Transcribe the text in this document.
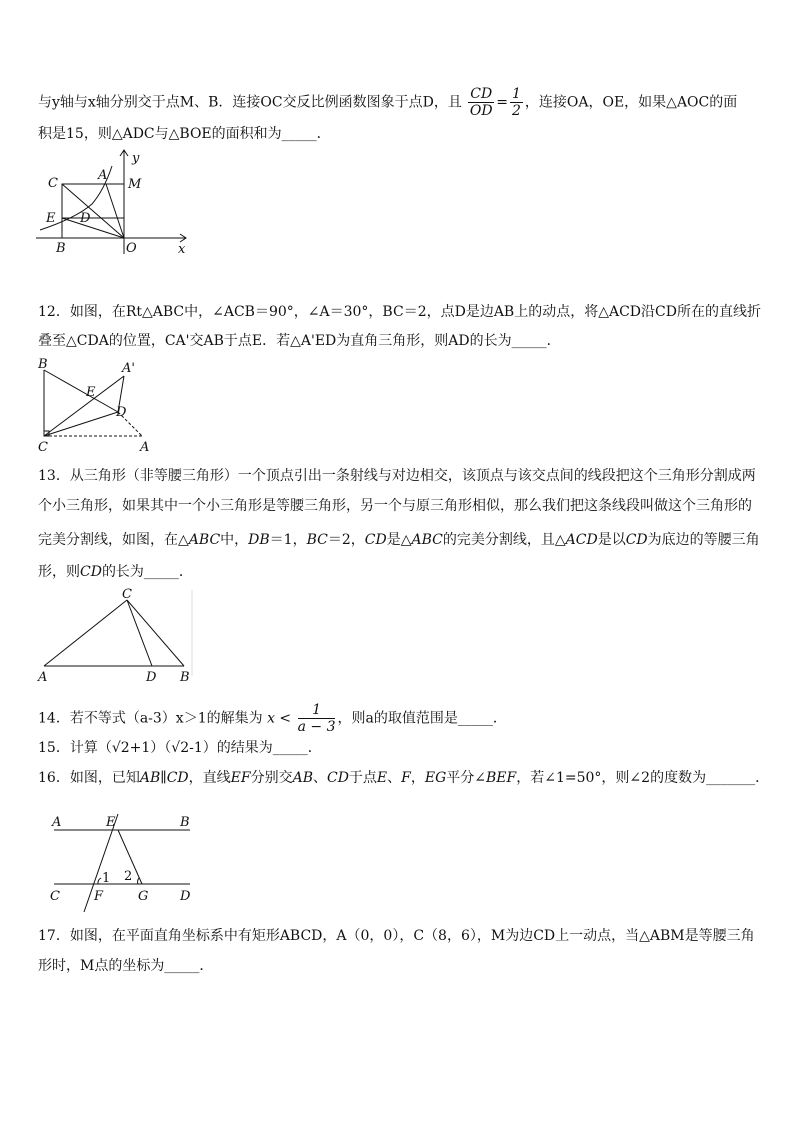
与y轴与x轴分别交于点M、B．连接OC交反比例函数图象于点D，且 $\frac{CD}{OD} = \frac{1}{2}$ ，连接OA，OE，如果△AOC的面
积是15，则△ADC与△BOE的面积和为_____．
y
x
C
A
M
E D
B	O
12．如图，在Rt△ABC中，∠ACB＝90°，∠A＝30°，BC＝2，点D是边AB上的动点，将△ACD沿CD所在的直线折
叠至△CDA的位置，CA'交AB于点E．若△A'ED为直角三角形，则AD的长为_____．
B	A'
E
D
C	A
13．从三角形（非等腰三角形）一个顶点引出一条射线与对边相交，该顶点与该交点间的线段把这个三角形分割成两
个小三角形，如果其中一个小三角形是等腰三角形，另一个与原三角形相似，那么我们把这条线段叫做这个三角形的
完美分割线，如图，在△ABC中，DB＝1，BC＝2，CD是△ABC的完美分割线，且△ACD是以CD为底边的等腰三角
形，则CD的长为_____．
C
A	D B
14．若不等式（a-3）x＞1的解集为 $x < \frac{1}{a - 3}$ ，则a的取值范围是_____．
15．计算（√2+1）（√2-1）的结果为_____．
16．如图，已知AB∥CD，直线EF分别交AB、CD于点E、F，EG平分∠BEF，若∠1=50°，则∠2的度数为_______．
A	E	B
C	F	G D
1 2
17．如图，在平面直角坐标系中有矩形ABCD，A（0，0），C（8，6），M为边CD上一动点，当△ABM是等腰三角
形时，M点的坐标为_____．
